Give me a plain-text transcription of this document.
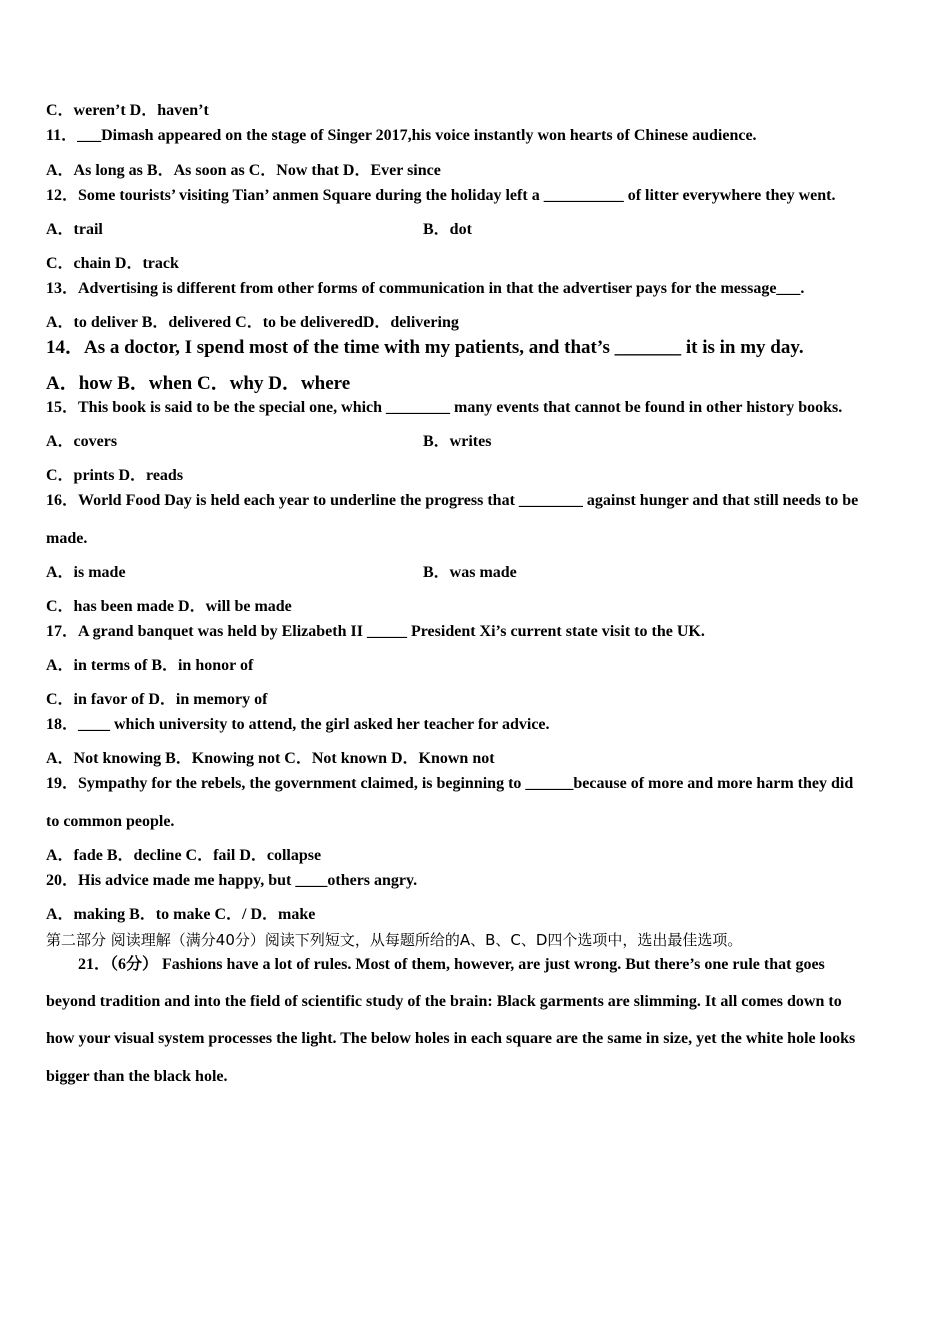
C．weren’t D．haven’t
11．___Dimash appeared on the stage of Singer 2017,his voice instantly won hearts of Chinese audience.
A．As long as B．As soon as C．Now that D．Ever since
12．Some tourists’ visiting Tian’ anmen Square during the holiday left a __________ of litter everywhere they went.
A．trail	B．dot
C．chain D．track
13．Advertising is different from other forms of communication in that the advertiser pays for the message___.
A．to deliver B．delivered C．to be deliveredD．delivering
14．As a doctor, I spend most of the time with my patients, and that’s _______ it is in my day.
A．how B．when C．why D．where
15．This book is said to be the special one, which ________ many events that cannot be found in other history books.
A．covers	B．writes
C．prints D．reads
16．World Food Day is held each year to underline the progress that ________ against hunger and that still needs to be
made.
A．is made	B．was made
C．has been made D．will be made
17．A grand banquet was held by Elizabeth II _____ President Xi’s current state visit to the UK.
A．in terms of B．in honor of
C．in favor of D．in memory of
18．____ which university to attend, the girl asked her teacher for advice.
A．Not knowing B．Knowing not C．Not known D．Known not
19．Sympathy for the rebels, the government claimed, is beginning to ______because of more and more harm they did
to common people.
A．fade B．decline C．fail D．collapse
20．His advice made me happy, but ____others angry.
A．making B．to make C．/ D．make
第二部分 阅读理解（满分40分）阅读下列短文，从每题所给的A、B、C、D四个选项中，选出最佳选项。
21．（6分） Fashions have a lot of rules. Most of them, however, are just wrong. But there’s one rule that goes
beyond tradition and into the field of scientific study of the brain: Black garments are slimming. It all comes down to
how your visual system processes the light. The below holes in each square are the same in size, yet the white hole looks
bigger than the black hole.
